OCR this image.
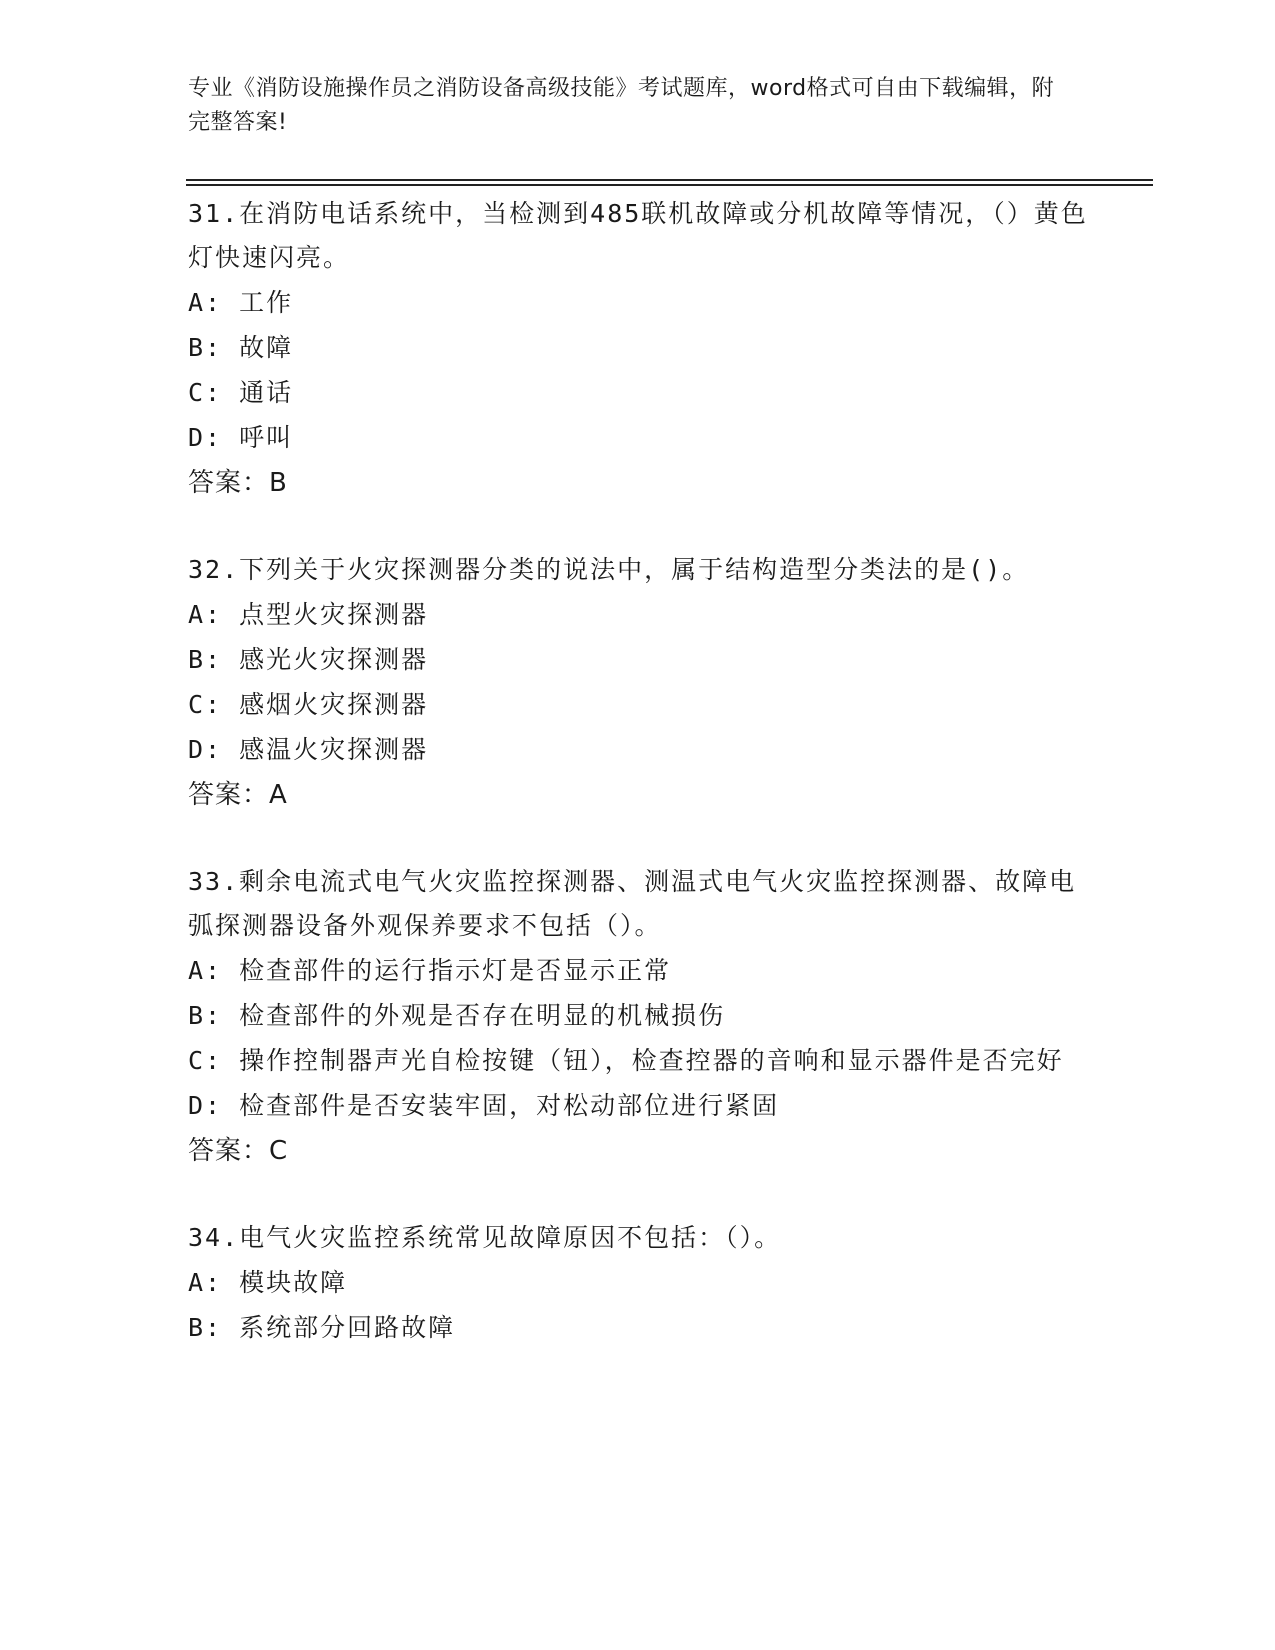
专业《消防设施操作员之消防设备高级技能》考试题库，word格式可自由下载编辑，附完整答案!

31.在消防电话系统中，当检测到485联机故障或分机故障等情况，（）黄色灯快速闪亮。

A: 工作

B: 故障

C: 通话

D: 呼叫

答案：B

32.下列关于火灾探测器分类的说法中，属于结构造型分类法的是()。

A: 点型火灾探测器

B: 感光火灾探测器

C: 感烟火灾探测器

D: 感温火灾探测器

答案：A

33.剩余电流式电气火灾监控探测器、测温式电气火灾监控探测器、故障电弧探测器设备外观保养要求不包括（）。

A: 检查部件的运行指示灯是否显示正常

B: 检查部件的外观是否存在明显的机械损伤

C: 操作控制器声光自检按键（钮），检查控器的音响和显示器件是否完好

D: 检查部件是否安装牢固，对松动部位进行紧固

答案：C

34.电气火灾监控系统常见故障原因不包括：（）。

A: 模块故障

B: 系统部分回路故障
